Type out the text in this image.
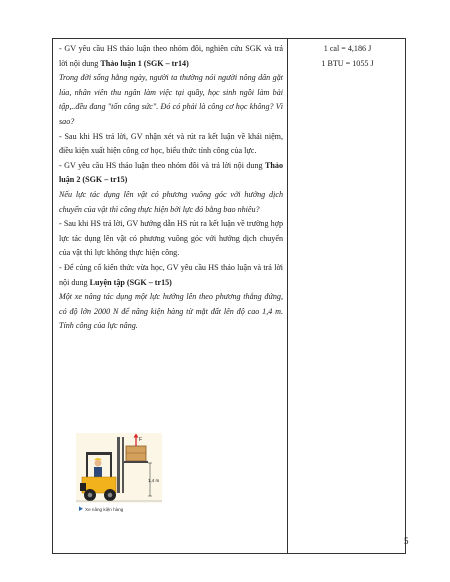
- GV yêu cầu HS thảo luận theo nhóm đôi, nghiên cứu SGK và trả lời nội dung Thảo luận 1 (SGK – tr14)

Trong đời sống hằng ngày, người ta thường nói người nông dân gặt lúa, nhân viên thu ngân làm việc tại quầy, học sinh ngồi làm bài tập,..đều đang "tốn công sức". Đó có phải là công cơ học không? Vì sao?

- Sau khi HS trả lời, GV nhận xét và rút ra kết luận về khái niệm, điều kiện xuất hiện công cơ học, biểu thức tính công của lực.

- GV yêu cầu HS thảo luận theo nhóm đôi và trả lời nội dung Thảo luận 2 (SGK – tr15)

Nếu lực tác dụng lên vật có phương vuông góc với hướng dịch chuyển của vật thì công thực hiện bởi lực đó bằng bao nhiêu?

- Sau khi HS trả lời, GV hướng dẫn HS rút ra kết luận về trường hợp lực tác dụng lên vật có phương vuông góc với hướng dịch chuyển của vật thì lực không thực hiện công.

- Để củng cố kiến thức vừa học, GV yêu cầu HS thảo luận và trả lời nội dung Luyện tập (SGK – tr15)

Một xe nâng tác dụng một lực hướng lên theo phương thẳng đứng, có độ lớn 2000 N để nâng kiện hàng từ mặt đất lên độ cao 1,4 m. Tính công của lực nâng.

1 cal = 4,186 J

1 BTU = 1055 J

F
1,4 m
Xe nâng kiện hàng
5
